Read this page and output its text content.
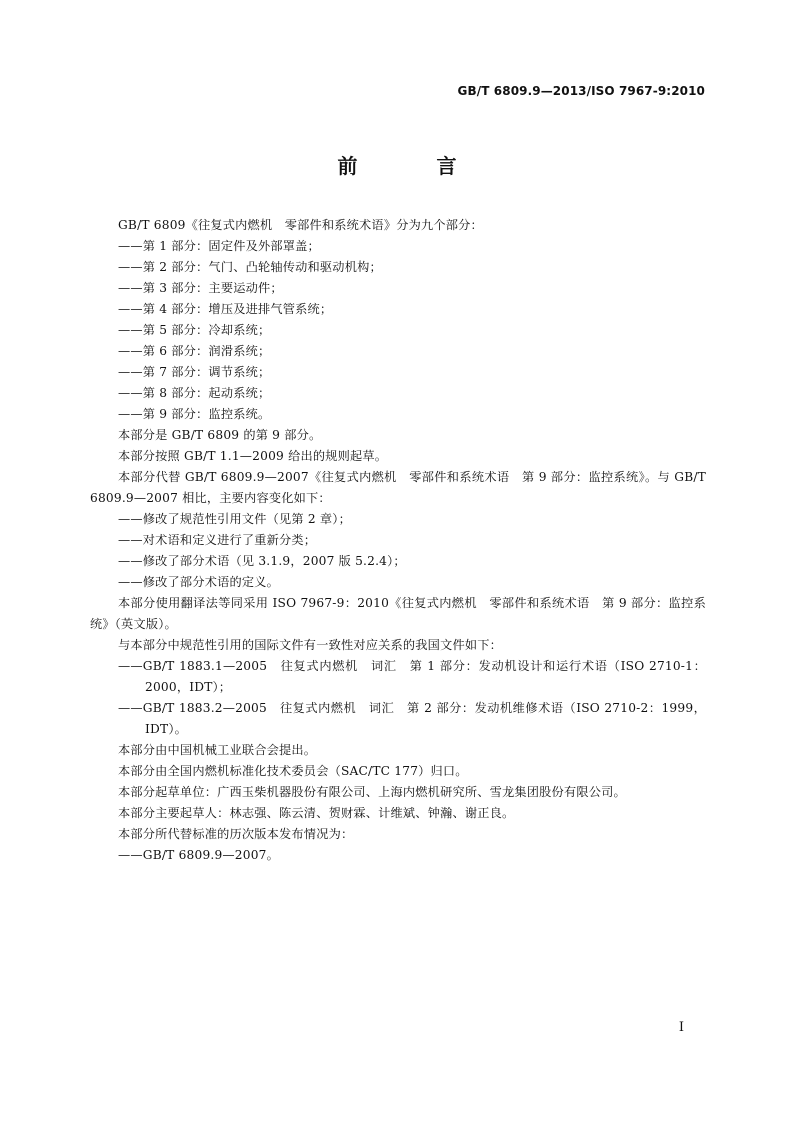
GB/T 6809.9—2013/ISO 7967-9:2010
前 言

GB/T 6809《往复式内燃机　零部件和系统术语》分为九个部分：

——第 1 部分：固定件及外部罩盖；

——第 2 部分：气门、凸轮轴传动和驱动机构；

——第 3 部分：主要运动件；

——第 4 部分：增压及进排气管系统；

——第 5 部分：冷却系统；

——第 6 部分：润滑系统；

——第 7 部分：调节系统；

——第 8 部分：起动系统；

——第 9 部分：监控系统。

本部分是 GB/T 6809 的第 9 部分。

本部分按照 GB/T 1.1—2009 给出的规则起草。

本部分代替 GB/T 6809.9—2007《往复式内燃机　零部件和系统术语　第 9 部分：监控系统》。与 GB/T 6809.9—2007 相比，主要内容变化如下：

——修改了规范性引用文件（见第 2 章）；

——对术语和定义进行了重新分类；

——修改了部分术语（见 3.1.9，2007 版 5.2.4）；

——修改了部分术语的定义。

本部分使用翻译法等同采用 ISO 7967-9：2010《往复式内燃机　零部件和系统术语　第 9 部分：监控系统》（英文版）。

与本部分中规范性引用的国际文件有一致性对应关系的我国文件如下：

——GB/T 1883.1—2005　往复式内燃机　词汇　第 1 部分：发动机设计和运行术语（ISO 2710-1：2000，IDT）；

——GB/T 1883.2—2005　往复式内燃机　词汇　第 2 部分：发动机维修术语（ISO 2710-2：1999，IDT）。

本部分由中国机械工业联合会提出。

本部分由全国内燃机标准化技术委员会（SAC/TC 177）归口。

本部分起草单位：广西玉柴机器股份有限公司、上海内燃机研究所、雪龙集团股份有限公司。

本部分主要起草人：林志强、陈云清、贺财霖、计维斌、钟瀚、谢正良。

本部分所代替标准的历次版本发布情况为：

——GB/T 6809.9—2007。

I
